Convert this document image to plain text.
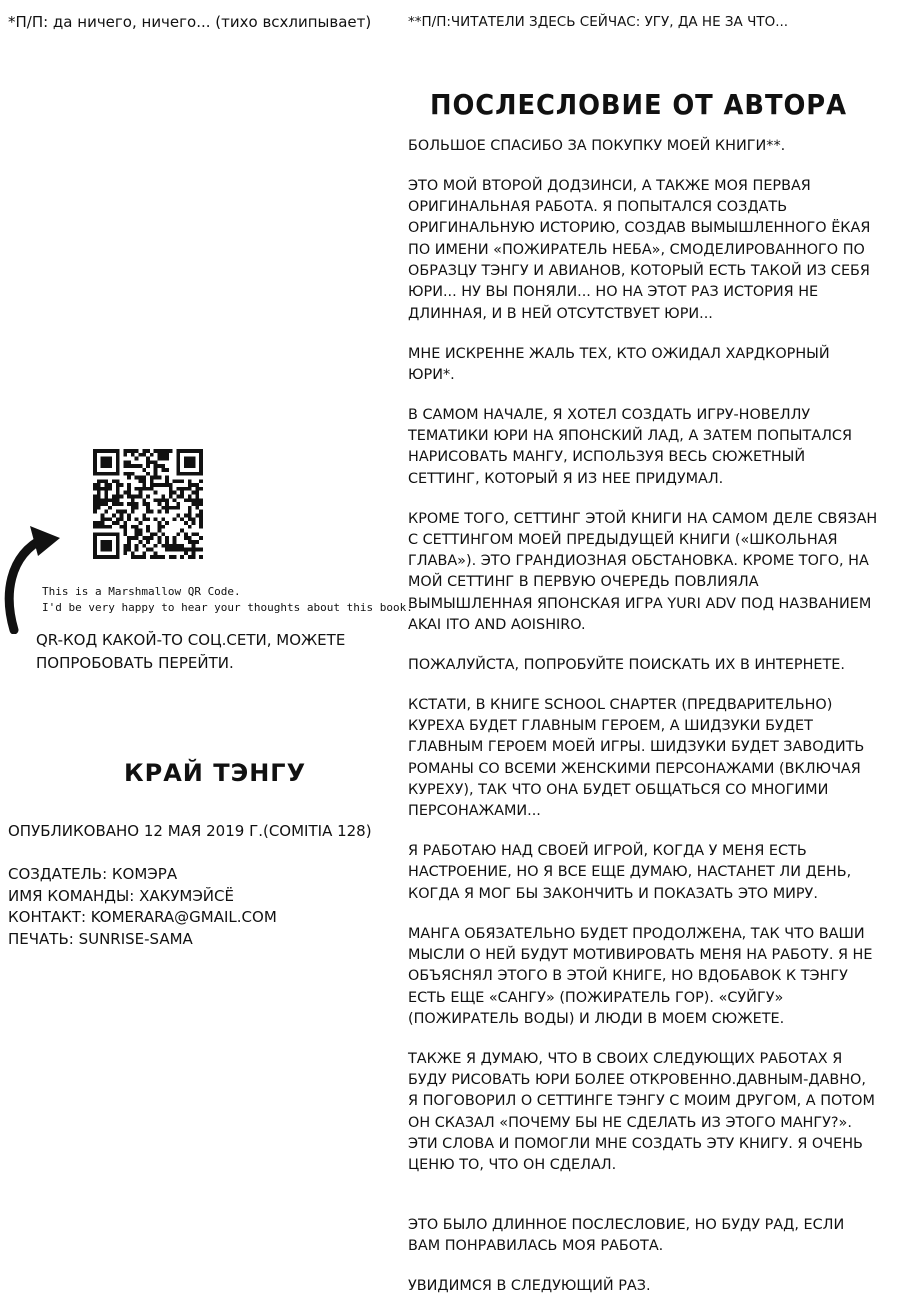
*П/П: да ничего, ничего... (тихо всхлипывает)	**П/П:ЧИТАТЕЛИ ЗДЕСЬ СЕЙЧАС: УГУ, ДА НЕ ЗА ЧТО...
ПОСЛЕСЛОВИЕ ОТ АВТОРА

БОЛЬШОЕ СПАСИБО ЗА ПОКУПКУ МОЕЙ КНИГИ**.

ЭТО МОЙ ВТОРОЙ ДОДЗИНСИ, А ТАКЖЕ МОЯ ПЕРВАЯ ОРИГИНАЛЬНАЯ РАБОТА. Я ПОПЫТАЛСЯ СОЗДАТЬ ОРИГИНАЛЬНУЮ ИСТОРИЮ, СОЗДАВ ВЫМЫШЛЕННОГО ЁКАЯ ПО ИМЕНИ «ПОЖИРАТЕЛЬ НЕБА», СМОДЕЛИРОВАННОГО ПО ОБРАЗЦУ ТЭНГУ И АВИАНОВ, КОТОРЫЙ ЕСТЬ ТАКОЙ ИЗ СЕБЯ ЮРИ... НУ ВЫ ПОНЯЛИ... НО НА ЭТОТ РАЗ ИСТОРИЯ НЕ ДЛИННАЯ, И В НЕЙ ОТСУТСТВУЕТ ЮРИ...

МНЕ ИСКРЕННЕ ЖАЛЬ ТЕХ, КТО ОЖИДАЛ ХАРДКОРНЫЙ ЮРИ*.

В САМОМ НАЧАЛЕ, Я ХОТЕЛ СОЗДАТЬ ИГРУ-НОВЕЛЛУ ТЕМАТИКИ ЮРИ НА ЯПОНСКИЙ ЛАД, А ЗАТЕМ ПОПЫТАЛСЯ НАРИСОВАТЬ МАНГУ, ИСПОЛЬЗУЯ ВЕСЬ СЮЖЕТНЫЙ СЕТТИНГ, КОТОРЫЙ Я ИЗ НЕЕ ПРИДУМАЛ.

КРОМЕ ТОГО, СЕТТИНГ ЭТОЙ КНИГИ НА САМОМ ДЕЛЕ СВЯЗАН С СЕТТИНГОМ МОЕЙ ПРЕДЫДУЩЕЙ КНИГИ («ШКОЛЬНАЯ ГЛАВА»). ЭТО ГРАНДИОЗНАЯ ОБСТАНОВКА. КРОМЕ ТОГО, НА МОЙ СЕТТИНГ В ПЕРВУЮ ОЧЕРЕДЬ ПОВЛИЯЛА ВЫМЫШЛЕННАЯ ЯПОНСКАЯ ИГРА YURI ADV ПОД НАЗВАНИЕМ AKAI ITO AND AOISHIRO.

ПОЖАЛУЙСТА, ПОПРОБУЙТЕ ПОИСКАТЬ ИХ В ИНТЕРНЕТЕ.

КСТАТИ, В КНИГЕ SCHOOL CHAPTER (ПРЕДВАРИТЕЛЬНО) КУРЕХА БУДЕТ ГЛАВНЫМ ГЕРОЕМ, А ШИДЗУКИ БУДЕТ ГЛАВНЫМ ГЕРОЕМ МОЕЙ ИГРЫ. ШИДЗУКИ БУДЕТ ЗАВОДИТЬ РОМАНЫ СО ВСЕМИ ЖЕНСКИМИ ПЕРСОНАЖАМИ (ВКЛЮЧАЯ КУРЕХУ), ТАК ЧТО ОНА БУДЕТ ОБЩАТЬСЯ СО МНОГИМИ ПЕРСОНАЖАМИ...

Я РАБОТАЮ НАД СВОЕЙ ИГРОЙ, КОГДА У МЕНЯ ЕСТЬ НАСТРОЕНИЕ, НО Я ВСЕ ЕЩЕ ДУМАЮ, НАСТАНЕТ ЛИ ДЕНЬ, КОГДА Я МОГ БЫ ЗАКОНЧИТЬ И ПОКАЗАТЬ ЭТО МИРУ.

МАНГА ОБЯЗАТЕЛЬНО БУДЕТ ПРОДОЛЖЕНА, ТАК ЧТО ВАШИ МЫСЛИ О НЕЙ БУДУТ МОТИВИРОВАТЬ МЕНЯ НА РАБОТУ. Я НЕ ОБЪЯСНЯЛ ЭТОГО В ЭТОЙ КНИГЕ, НО ВДОБАВОК К ТЭНГУ ЕСТЬ ЕЩЕ «САНГУ» (ПОЖИРАТЕЛЬ ГОР). «СУЙГУ» (ПОЖИРАТЕЛЬ ВОДЫ) И ЛЮДИ В МОЕМ СЮЖЕТЕ.

ТАКЖЕ Я ДУМАЮ, ЧТО В СВОИХ СЛЕДУЮЩИХ РАБОТАХ Я БУДУ РИСОВАТЬ ЮРИ БОЛЕЕ ОТКРОВЕННО.ДАВНЫМ-ДАВНО, Я ПОГОВОРИЛ О СЕТТИНГЕ ТЭНГУ С МОИМ ДРУГОМ, А ПОТОМ ОН СКАЗАЛ «ПОЧЕМУ БЫ НЕ СДЕЛАТЬ ИЗ ЭТОГО МАНГУ?». ЭТИ СЛОВА И ПОМОГЛИ МНЕ СОЗДАТЬ ЭТУ КНИГУ. Я ОЧЕНЬ ЦЕНЮ ТО, ЧТО ОН СДЕЛАЛ.

ЭТО БЫЛО ДЛИННОЕ ПОСЛЕСЛОВИЕ, НО БУДУ РАД, ЕСЛИ ВАМ ПОНРАВИЛАСЬ МОЯ РАБОТА.

УВИДИМСЯ В СЛЕДУЮЩИЙ РАЗ.

This is a Marshmallow QR Code.
I'd be very happy to hear your thoughts about this book.
QR-КОД КАКОЙ-ТО СОЦ.СЕТИ, МОЖЕТЕ ПОПРОБОВАТЬ ПЕРЕЙТИ.
КРАЙ ТЭНГУ
ОПУБЛИКОВАНО 12 МАЯ 2019 Г.(COMITIA 128)
СОЗДАТЕЛЬ: КОМЭРА
ИМЯ КОМАНДЫ: ХАКУМЭЙСЁ
КОНТАКТ: KOMERARA@GMAIL.COM
ПЕЧАТЬ: SUNRISE-SAMA
